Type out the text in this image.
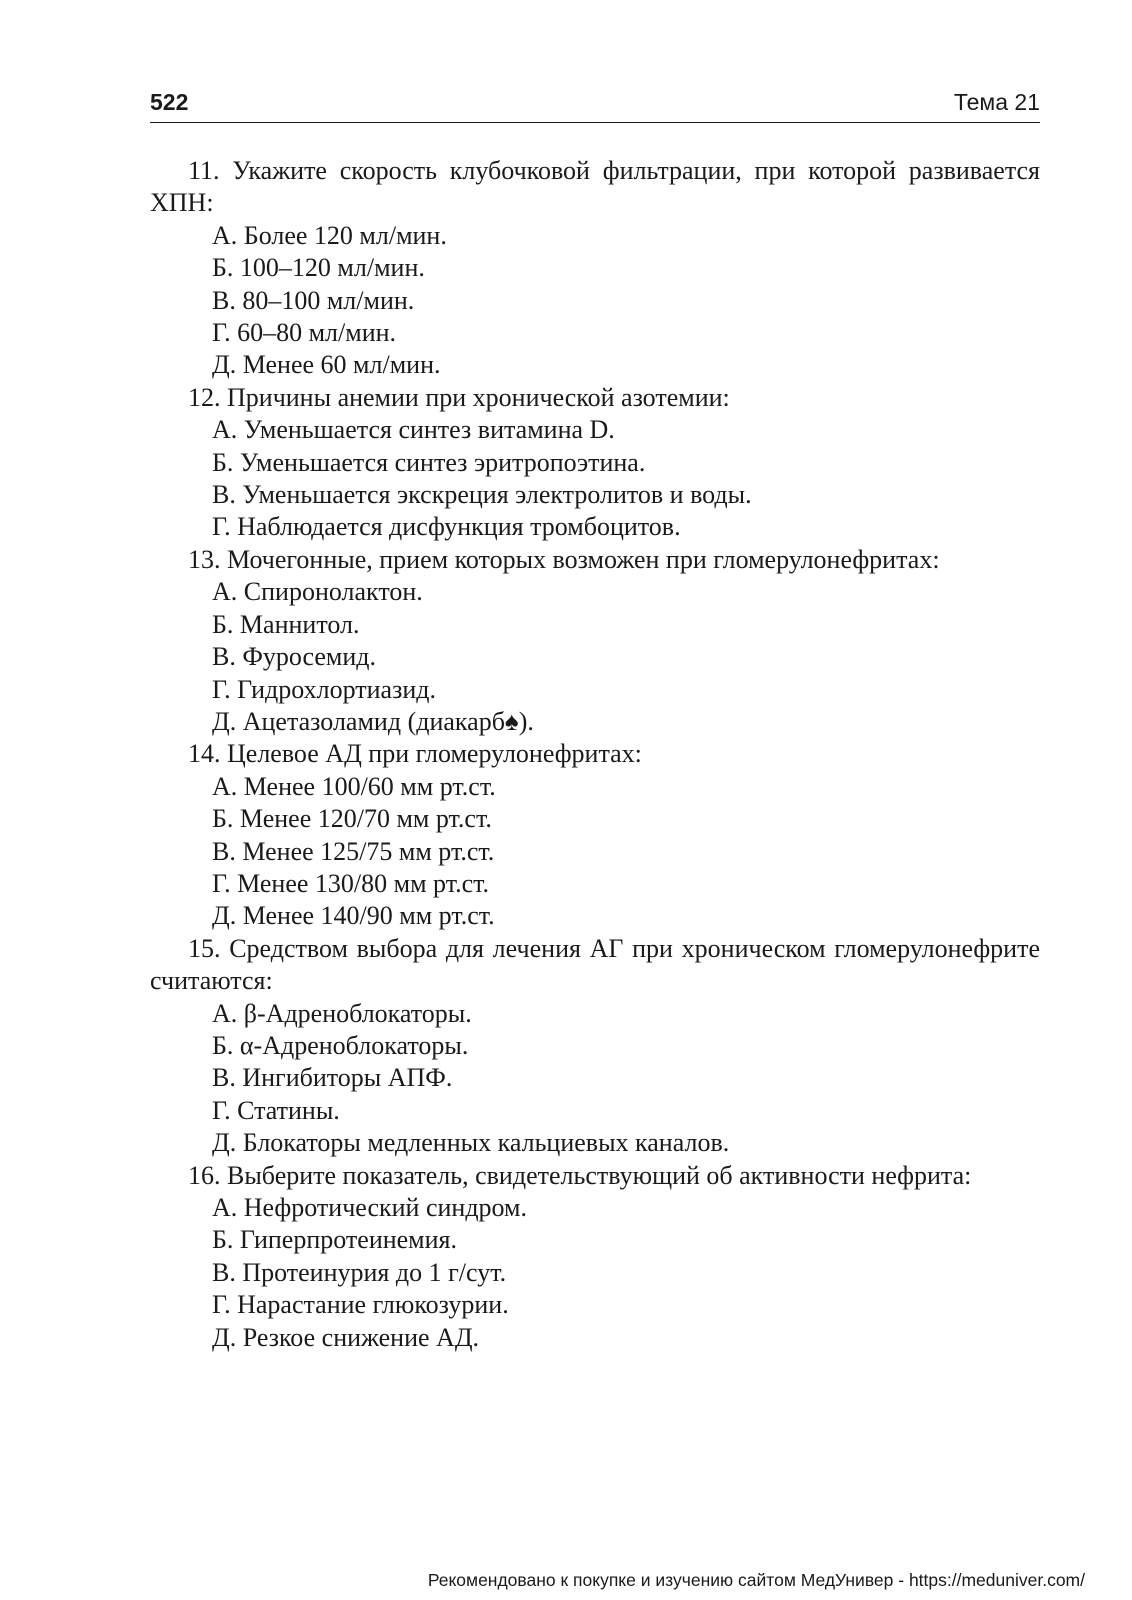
522	Тема 21

11. Укажите скорость клубочковой фильтрации, при которой развивается ХПН:

А. Более 120 мл/мин.
Б. 100–120 мл/мин.
В. 80–100 мл/мин.
Г. 60–80 мл/мин.
Д. Менее 60 мл/мин.

12. Причины анемии при хронической азотемии:

А. Уменьшается синтез витамина D.
Б. Уменьшается синтез эритропоэтина.
В. Уменьшается экскреция электролитов и воды.
Г. Наблюдается дисфункция тромбоцитов.

13. Мочегонные, прием которых возможен при гломерулонефритах:

А. Спиронолактон.
Б. Маннитол.
В. Фуросемид.
Г. Гидрохлортиазид.
Д. Ацетазоламид (диакарб♠).

14. Целевое АД при гломерулонефритах:

А. Менее 100/60 мм рт.ст.
Б. Менее 120/70 мм рт.ст.
В. Менее 125/75 мм рт.ст.
Г. Менее 130/80 мм рт.ст.
Д. Менее 140/90 мм рт.ст.

15. Средством выбора для лечения АГ при хроническом гломерулонефрите считаются:

А. β-Адреноблокаторы.
Б. α-Адреноблокаторы.
В. Ингибиторы АПФ.
Г. Статины.
Д. Блокаторы медленных кальциевых каналов.

16. Выберите показатель, свидетельствующий об активности нефрита:

А. Нефротический синдром.
Б. Гиперпротеинемия.
В. Протеинурия до 1 г/сут.
Г. Нарастание глюкозурии.
Д. Резкое снижение АД.
Рекомендовано к покупке и изучению сайтом МедУнивер - https://meduniver.com/
